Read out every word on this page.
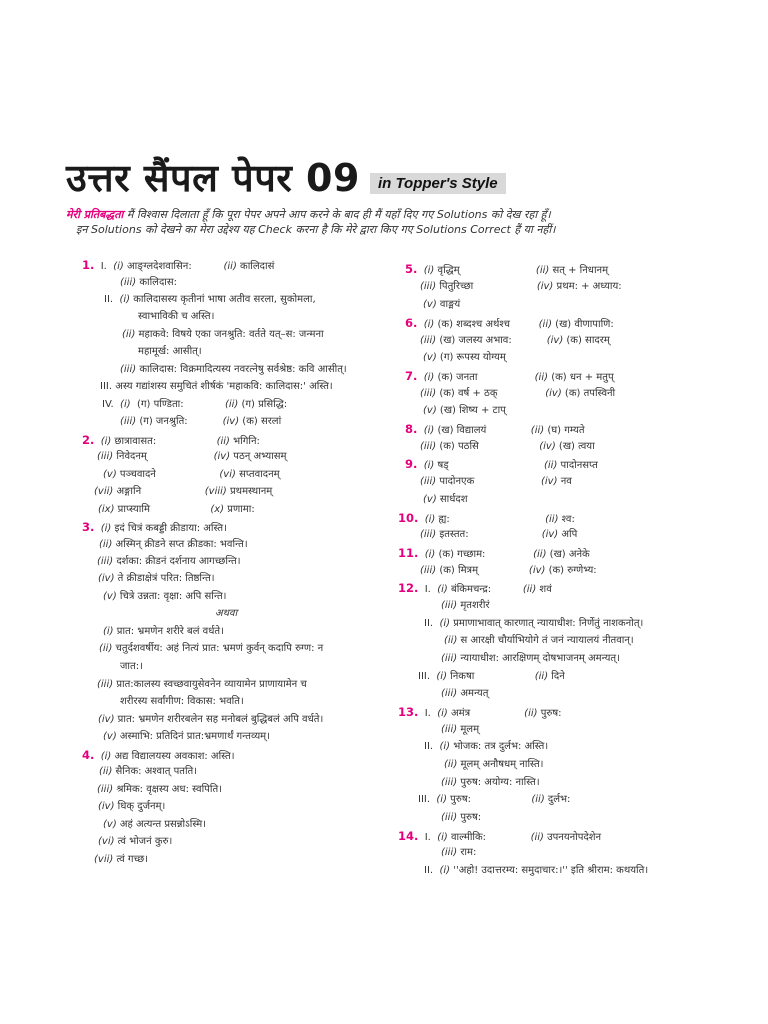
उत्तर सैंपल पेपर 09	in Topper's Style
मेरी प्रतिबद्धता मैं विश्वास दिलाता हूँ कि पूरा पेपर अपने आप करने के बाद ही मैं यहाँ दिए गए Solutions को देख रहा हूँ।
इन Solutions को देखने का मेरा उद्देश्य यह Check करना है कि मेरे द्वारा किए गए Solutions Correct हैं या नहीं।
1.  I.  (i) आङ्ग्लदेशवासिन:          (ii) कालिदासं
(iii) कालिदास:
II.  (i) कालिदासस्य कृतीनां भाषा अतीव सरला, सुकोमला,
स्वाभाविकी च अस्ति।
(ii) महाकवे: विषये एका जनश्रुति: वर्तते यत्–स: जन्मना
महामूर्ख: आसीत्।
(iii) कालिदास: विक्रमादित्यस्य नवरत्नेषु सर्वश्रेष्ठ: कवि आसीत्।
III. अस्य गद्यांशस्य समुचितं शीर्षकं 'महाकवि: कालिदास:' अस्ति।
IV.  (i)  (ग) पण्डिता:             (ii) (ग) प्रसिद्धि:
(iii) (ग) जनश्रुति:           (iv) (क) सरलां
2. (i) छात्रावासत:                   (ii) भगिनि:
(iii) निवेदनम्                     (iv) पठन् अभ्यासम्
(v) पञ्चवादने                    (vi) सप्तवादनम्
(vii) अङ्गानि                    (viii) प्रथमस्थानम्
(ix) प्राप्स्यामि                   (x) प्रणामा:
3. (i) इदं चित्रं कबड्डी क्रीडाया: अस्ति।
(ii) अस्मिन् क्रीडने सप्त क्रीडका: भवन्ति।
(iii) दर्शका: क्रीडनं दर्शनाय आगच्छन्ति।
(iv) ते क्रीडाक्षेत्रं परित: तिष्ठन्ति।
(v) चित्रे उन्नता: वृक्षा: अपि सन्ति।
अथवा
(i) प्रात: भ्रमणेन शरीरे बलं वर्धते।
(ii) चतुर्दशवर्षीय: अहं नित्यं प्रात: भ्रमणं कुर्वन् कदापि रुग्ण: न
जात:।
(iii) प्रात:कालस्य स्वच्छवायुसेवनेन व्यायामेन प्राणायामेन च
शरीरस्य सर्वांगीण: विकास: भवति।
(iv) प्रात: भ्रमणेन शरीरबलेन सह मनोबलं बुद्धिबलं अपि वर्धते।
(v) अस्माभि: प्रतिदिनं प्रात:भ्रमणार्थं गन्तव्यम्।
4. (i) अद्य विद्यालयस्य अवकाश: अस्ति।
(ii) सैनिक: अश्वात् पतति।
(iii) श्रमिक: वृक्षस्य अध: स्वपिति।
(iv) धिक् दुर्जनम्।
(v) अहं अत्यन्त प्रसन्नोऽस्मि।
(vi) त्वं भोजनं कुरु।
(vii) त्वं गच्छ।
5. (i) वृद्धिम्                        (ii) सत् + निधानम्
(iii) पितुरिच्छा                    (iv) प्रथम: + अध्याय:
(v) वाङ्मयं
6. (i) (क) शब्दश्च अर्थश्च         (ii) (ख) वीणापाणि:
(iii) (ख) जलस्य अभाव:           (iv) (क) सादरम्
(v) (ग) रूपस्य योग्यम्
7. (i) (क) जनता                  (ii) (क) धन + मतुप्
(iii) (क) वर्ष + ठक्               (iv) (क) तपस्विनी
(v) (ख) शिष्य + टाप्
8. (i) (ख) विद्यालयं              (ii) (घ) गम्यते
(iii) (क) पठसि                   (iv) (ख) त्वया
9. (i) षड्                              (ii) पादोनसप्त
(iii) पादोनएक                     (iv) नव
(v) सार्धदश
10. (i) ह्य:                              (ii) श्व:
(iii) इतस्तत:                       (iv) अपि
11. (i) (क) गच्छाम:               (ii) (ख) अनेके
(iii) (क) मित्रम्                (iv) (क) रुग्णेभ्य:
12.  I.  (i) बंकिमचन्द्र:          (ii) शवं
(iii) मृतशरीरं
II.  (i) प्रमाणाभावात् कारणात् न्यायाधीश: निर्णेतुं नाशकनोत्।
(ii) स आरक्षी चौर्याभियोगे तं जनं न्यायालयं नीतवान्।
(iii) न्यायाधीश: आरक्षिणम् दोषभाजनम् अमन्यत्।
III.  (i) निकषा                   (ii) दिने
(iii) अमन्यत्
13.  I.  (i) अमंत्र                 (ii) पुरुष:
(iii) मूलम्
II.  (i) भोजक: तत्र दुर्लभ: अस्ति।
(ii) मूलम् अनौषधम् नास्ति।
(iii) पुरुष: अयोग्य: नास्ति।
III.  (i) पुरुष:                   (ii) दुर्लभ:
(iii) पुरुष:
14.  I.  (i) वाल्मीकि:              (ii) उपनयनोपदेशेन
(iii) राम:
II.  (i) ''अहो! उदात्तरम्य: समुदाचार:।'' इति श्रीराम: कथयति।
